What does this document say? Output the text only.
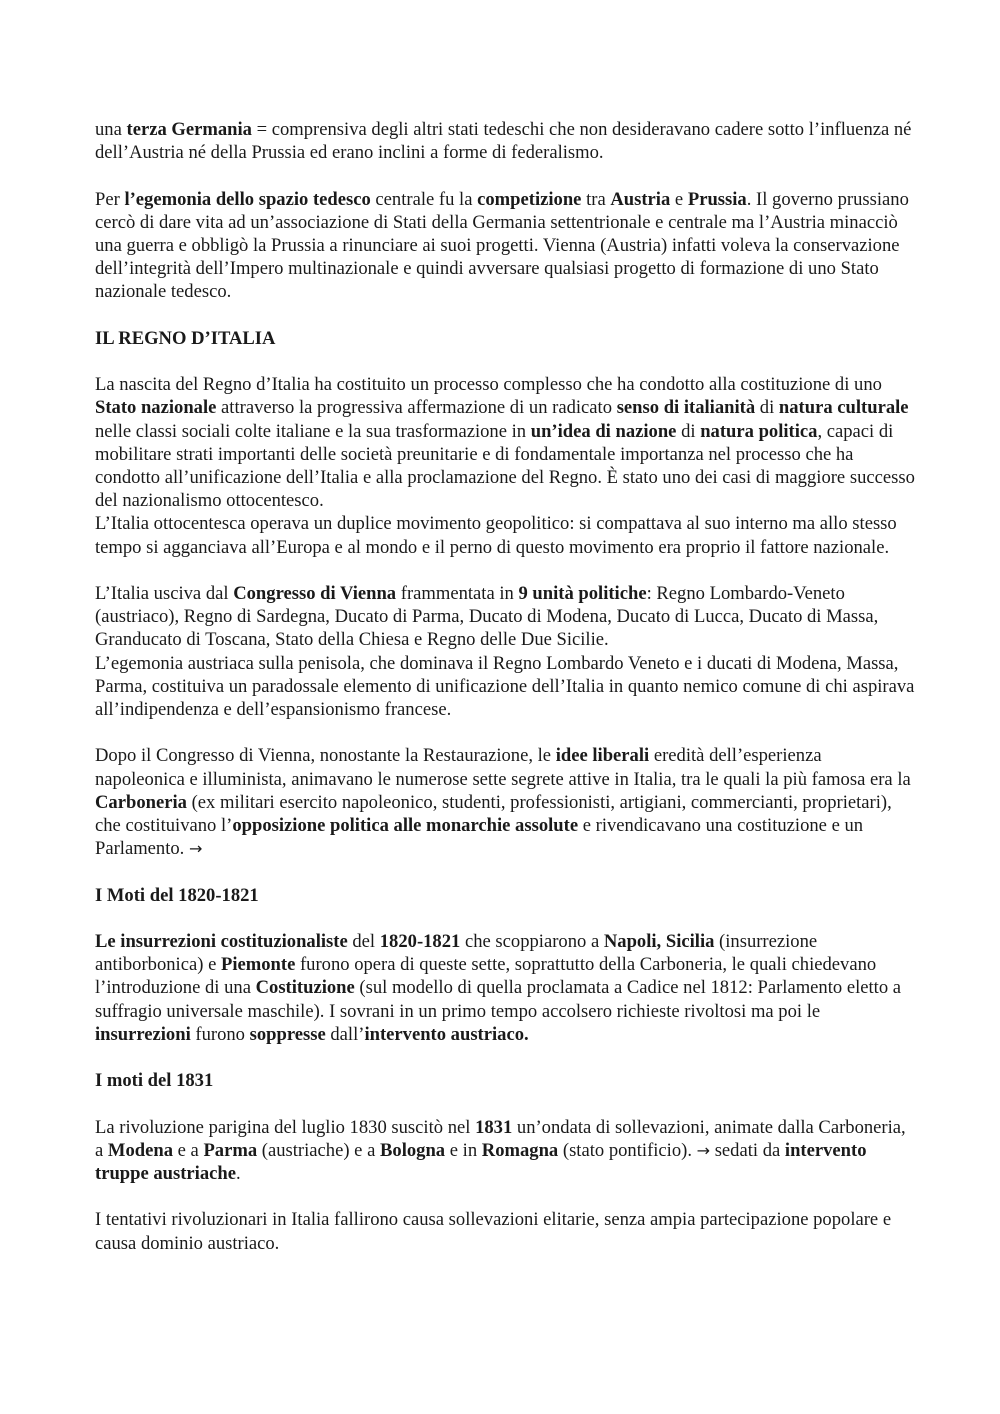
una terza Germania = comprensiva degli altri stati tedeschi che non desideravano cadere sotto l’influenza né dell’Austria né della Prussia ed erano inclini a forme di federalismo.

Per l’egemonia dello spazio tedesco centrale fu la competizione tra Austria e Prussia. Il governo prussiano cercò di dare vita ad un’associazione di Stati della Germania settentrionale e centrale ma l’Austria minacciò una guerra e obbligò la Prussia a rinunciare ai suoi progetti. Vienna (Austria) infatti voleva la conservazione dell’integrità dell’Impero multinazionale e quindi avversare qualsiasi progetto di formazione di uno Stato nazionale tedesco.

IL REGNO D’ITALIA

La nascita del Regno d’Italia ha costituito un processo complesso che ha condotto alla costituzione di uno Stato nazionale attraverso la progressiva affermazione di un radicato senso di italianità di natura culturale nelle classi sociali colte italiane e la sua trasformazione in un’idea di nazione di natura politica, capaci di mobilitare strati importanti delle società preunitarie e di fondamentale importanza nel processo che ha condotto all’unificazione dell’Italia e alla proclamazione del Regno. È stato uno dei casi di maggiore successo del nazionalismo ottocentesco.

L’Italia ottocentesca operava un duplice movimento geopolitico: si compattava al suo interno ma allo stesso tempo si agganciava all’Europa e al mondo e il perno di questo movimento era proprio il fattore nazionale.

L’Italia usciva dal Congresso di Vienna frammentata in 9 unità politiche: Regno Lombardo-Veneto (austriaco), Regno di Sardegna, Ducato di Parma, Ducato di Modena, Ducato di Lucca, Ducato di Massa, Granducato di Toscana, Stato della Chiesa e Regno delle Due Sicilie.

L’egemonia austriaca sulla penisola, che dominava il Regno Lombardo Veneto e i ducati di Modena, Massa, Parma, costituiva un paradossale elemento di unificazione dell’Italia in quanto nemico comune di chi aspirava all’indipendenza e dell’espansionismo francese.

Dopo il Congresso di Vienna, nonostante la Restaurazione, le idee liberali eredità dell’esperienza napoleonica e illuminista, animavano le numerose sette segrete attive in Italia, tra le quali la più famosa era la Carboneria (ex militari esercito napoleonico, studenti, professionisti, artigiani, commercianti, proprietari), che costituivano l’opposizione politica alle monarchie assolute e rivendicavano una costituzione e un Parlamento. →

I Moti del 1820-1821

Le insurrezioni costituzionaliste del 1820-1821 che scoppiarono a Napoli, Sicilia (insurrezione antiborbonica) e Piemonte furono opera di queste sette, soprattutto della Carboneria, le quali chiedevano l’introduzione di una Costituzione (sul modello di quella proclamata a Cadice nel 1812: Parlamento eletto a suffragio universale maschile). I sovrani in un primo tempo accolsero richieste rivoltosi ma poi le insurrezioni furono soppresse dall’intervento austriaco.

I moti del 1831

La rivoluzione parigina del luglio 1830 suscitò nel 1831 un’ondata di sollevazioni, animate dalla Carboneria, a Modena e a Parma (austriache) e a Bologna e in Romagna (stato pontificio). → sedati da intervento truppe austriache.

I tentativi rivoluzionari in Italia fallirono causa sollevazioni elitarie, senza ampia partecipazione popolare e causa dominio austriaco.
